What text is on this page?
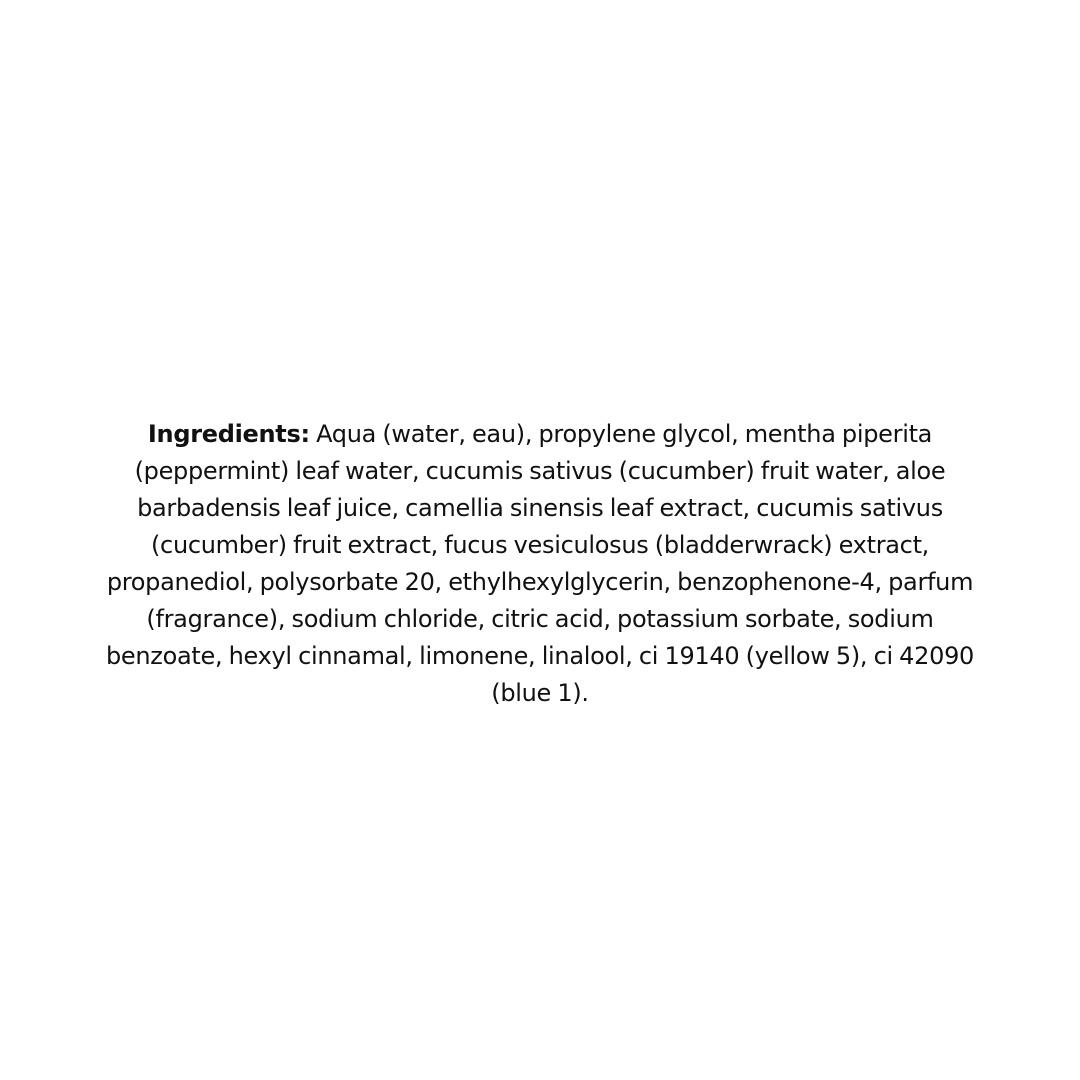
Ingredients: Aqua (water, eau), propylene glycol, mentha piperita (peppermint) leaf water, cucumis sativus (cucumber) fruit water, aloe barbadensis leaf juice, camellia sinensis leaf extract, cucumis sativus (cucumber) fruit extract, fucus vesiculosus (bladderwrack) extract, propanediol, polysorbate 20, ethylhexylglycerin, benzophenone-4, parfum (fragrance), sodium chloride, citric acid, potassium sorbate, sodium benzoate, hexyl cinnamal, limonene, linalool, ci 19140 (yellow 5), ci 42090 (blue 1).
